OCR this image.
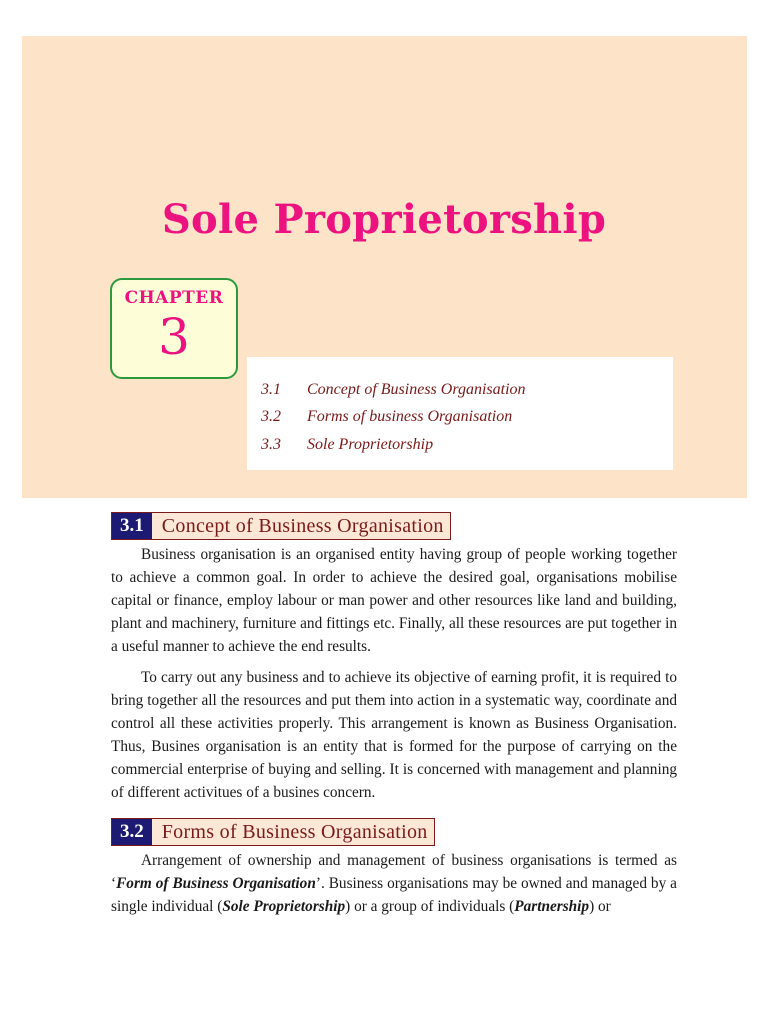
Sole Proprietorship
CHAPTER
3
3.1 Concept of Business Organisation
3.2 Forms of business Organisation
3.3 Sole Proprietorship
3.1 Concept of Business Organisation

Business organisation is an organised entity having group of people working together to achieve a common goal. In order to achieve the desired goal, organisations mobilise capital or finance, employ labour or man power and other resources like land and building, plant and machinery, furniture and fittings etc. Finally, all these resources are put together in a useful manner to achieve the end results.

To carry out any business and to achieve its objective of earning profit, it is required to bring together all the resources and put them into action in a systematic way, coordinate and control all these activities properly. This arrangement is known as Business Organisation. Thus, Busines organisation is an entity that is formed for the purpose of carrying on the commercial enterprise of buying and selling. It is concerned with management and planning of different activitues of a busines concern.

3.2 Forms of Business Organisation

Arrangement of ownership and management of business organisations is termed as ‘Form of Business Organisation’. Business organisations may be owned and managed by a single individual (Sole Proprietorship) or a group of individuals (Partnership) or
